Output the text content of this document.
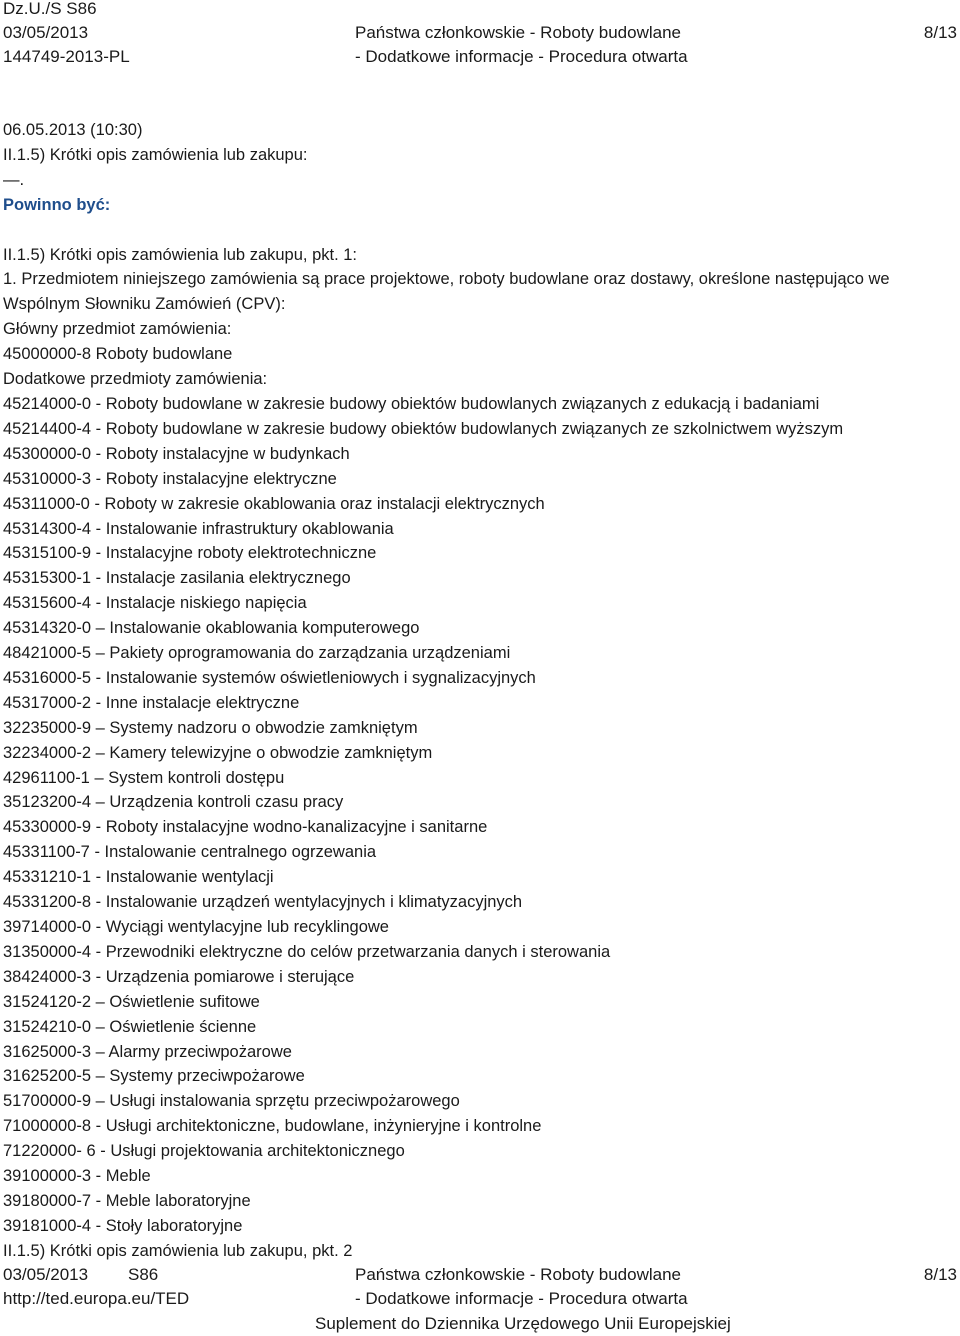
Dz.U./S S86
03/05/2013	Państwa członkowskie - Roboty budowlane	8/13
144749-2013-PL	- Dodatkowe informacje - Procedura otwarta
06.05.2013 (10:30)
II.1.5) Krótki opis zamówienia lub zakupu:
—.
Powinno być:

II.1.5) Krótki opis zamówienia lub zakupu, pkt. 1:
1. Przedmiotem niniejszego zamówienia są prace projektowe, roboty budowlane oraz dostawy, określone następująco we Wspólnym Słowniku Zamówień (CPV):
Główny przedmiot zamówienia:
45000000-8 Roboty budowlane
Dodatkowe przedmioty zamówienia:
45214000-0 - Roboty budowlane w zakresie budowy obiektów budowlanych związanych z edukacją i badaniami
45214400-4 - Roboty budowlane w zakresie budowy obiektów budowlanych związanych ze szkolnictwem wyższym
45300000-0 - Roboty instalacyjne w budynkach
45310000-3 - Roboty instalacyjne elektryczne
45311000-0 - Roboty w zakresie okablowania oraz instalacji elektrycznych
45314300-4 - Instalowanie infrastruktury okablowania
45315100-9 - Instalacyjne roboty elektrotechniczne
45315300-1 - Instalacje zasilania elektrycznego
45315600-4 - Instalacje niskiego napięcia
45314320-0 – Instalowanie okablowania komputerowego
48421000-5 – Pakiety oprogramowania do zarządzania urządzeniami
45316000-5 - Instalowanie systemów oświetleniowych i sygnalizacyjnych
45317000-2 - Inne instalacje elektryczne
32235000-9 – Systemy nadzoru o obwodzie zamkniętym
32234000-2 – Kamery telewizyjne o obwodzie zamkniętym
42961100-1 – System kontroli dostępu
35123200-4 – Urządzenia kontroli czasu pracy
45330000-9 - Roboty instalacyjne wodno-kanalizacyjne i sanitarne
45331100-7 - Instalowanie centralnego ogrzewania
45331210-1 - Instalowanie wentylacji
45331200-8 - Instalowanie urządzeń wentylacyjnych i klimatyzacyjnych
39714000-0 - Wyciągi wentylacyjne lub recyklingowe
31350000-4 - Przewodniki elektryczne do celów przetwarzania danych i sterowania
38424000-3 - Urządzenia pomiarowe i sterujące
31524120-2 – Oświetlenie sufitowe
31524210-0 – Oświetlenie ścienne
31625000-3 – Alarmy przeciwpożarowe
31625200-5 – Systemy przeciwpożarowe
51700000-9 – Usługi instalowania sprzętu przeciwpożarowego
71000000-8 - Usługi architektoniczne, budowlane, inżynieryjne i kontrolne
71220000- 6 - Usługi projektowania architektonicznego
39100000-3 - Meble
39180000-7 - Meble laboratoryjne
39181000-4 - Stoły laboratoryjne
II.1.5) Krótki opis zamówienia lub zakupu, pkt. 2
03/05/2013 S86	Państwa członkowskie - Roboty budowlane	8/13
http://ted.europa.eu/TED	- Dodatkowe informacje - Procedura otwarta
Suplement do Dziennika Urzędowego Unii Europejskiej
